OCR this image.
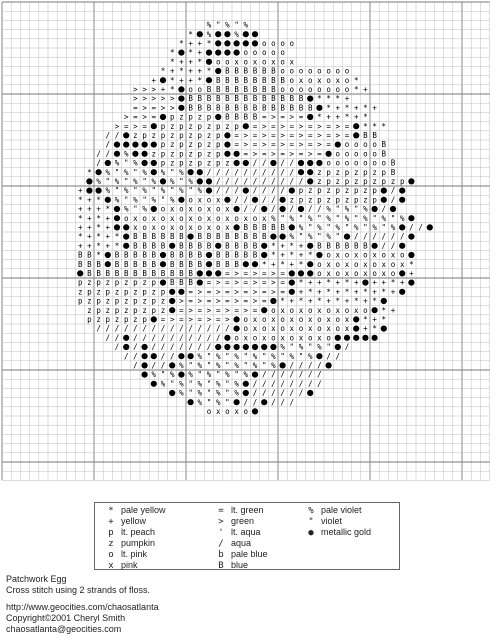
% " % " %
* %	%
* + + *	o o o o
* * +	o o o o o
* + + * o o x o x o x o x
* + * + + * B B B B B B o o o o o o o o
+ * + + * B B B B B B B B o x o x o x o *
> > > + * o o B B B B B B B B o o o o o o o o * +
> > > > > B B B B B B B B B B B B B * * * +
= > = > > B B B B B B B B B B B B B B * + * + * +
> = > = p z p z p B B B B = > = > = * + + * + *
> = > = p z p z p z p z p = > = > = > = > = > = * * *
/ / z p z p z p z p z p = > = > = > = > = > = > = B B
/	p z p z p z p = > = > = > = > = > = o o o o B
/ / %	z p z p z p z p	= > = > = > = > = o o o o o B
/ % " %	p z p z p z p z	/ / / /	o o o o o o o B
* % " % " % % " %	/ / / / / / / / / /	z p z p z p z p B
% " % " % " % % " %	/ / / / / / / / / / z p z p z p z p z p
+	% " % " % " % " % " % / / / / / / / p z p z p z p z p /
* + * % " % " % " % o x o x / / / / z p z p z p z p z p /
+ + + * % " % o x o x o x o x / / / / / / % " % " % /
* + * + o x o x o x o x o x o x o x o x % " % " % " % " % " % " % " %
+ + * +	x o x o x o x o x o x B B B B B % " % " % " % " % " % / /
* + * + * B B B B B B B B B B B B B B	% " % " % " / / / / / /
+ + * + * B B B B B B B B B B B B * + * + B B B B B B / /
B B * B B B B B B B B B B B B B B * + * + * o x o x o x o x o
B B B B B B B B B B B B B B B	* + * + * o x o x o x o x o x *
B B B B B B B B B B B B	= > = > = > =	o x o x o x o x o +
p z p z p z p z p B B B = > = > = > = > = * + + * + * + + + * +
z p z p z p z p z p	= > = > = > = > = > = + * + * + * + * + * +
p z p z p z p z p z > = > = > = > = > = * + * + * + * + * + *
z p z p z p z p z = > = > = > = > = o x o x o x o x o x o * +
p z p z p z p = > = > = > = > o x o x o x o x o x o x * + *
/ / / / / / / / / / / / / / / o x o x o x o x o x o x + *
/ / / / / / / / / / / / o x o x o x o x o x o
/ / / / / / / / /	% " % " % " /
/ /	/ /	% " % " % " % " % " % " % / /
/ / / % " % " % " % " % " % / / / /
% " % % " % " % " % / / / / / / /
% " % " % " % " % / / / / / / / /
% " % " % " % / / / / / /
% " % " / / / / /
o x o x o
* pale yellow
+ yellow
p lt. peach
z pumpkin
o lt. pink
x pink
= lt. green
> green
' lt. aqua
/ aqua
b pale blue
B blue
% pale violet
" violet
● metallic gold
Patchwork Egg
Cross stitch using 2 strands of floss.
http://www.geocities.com/chaosatlanta
Copyright©2001 Cheryl Smith
chaosatlanta@geocities.com
